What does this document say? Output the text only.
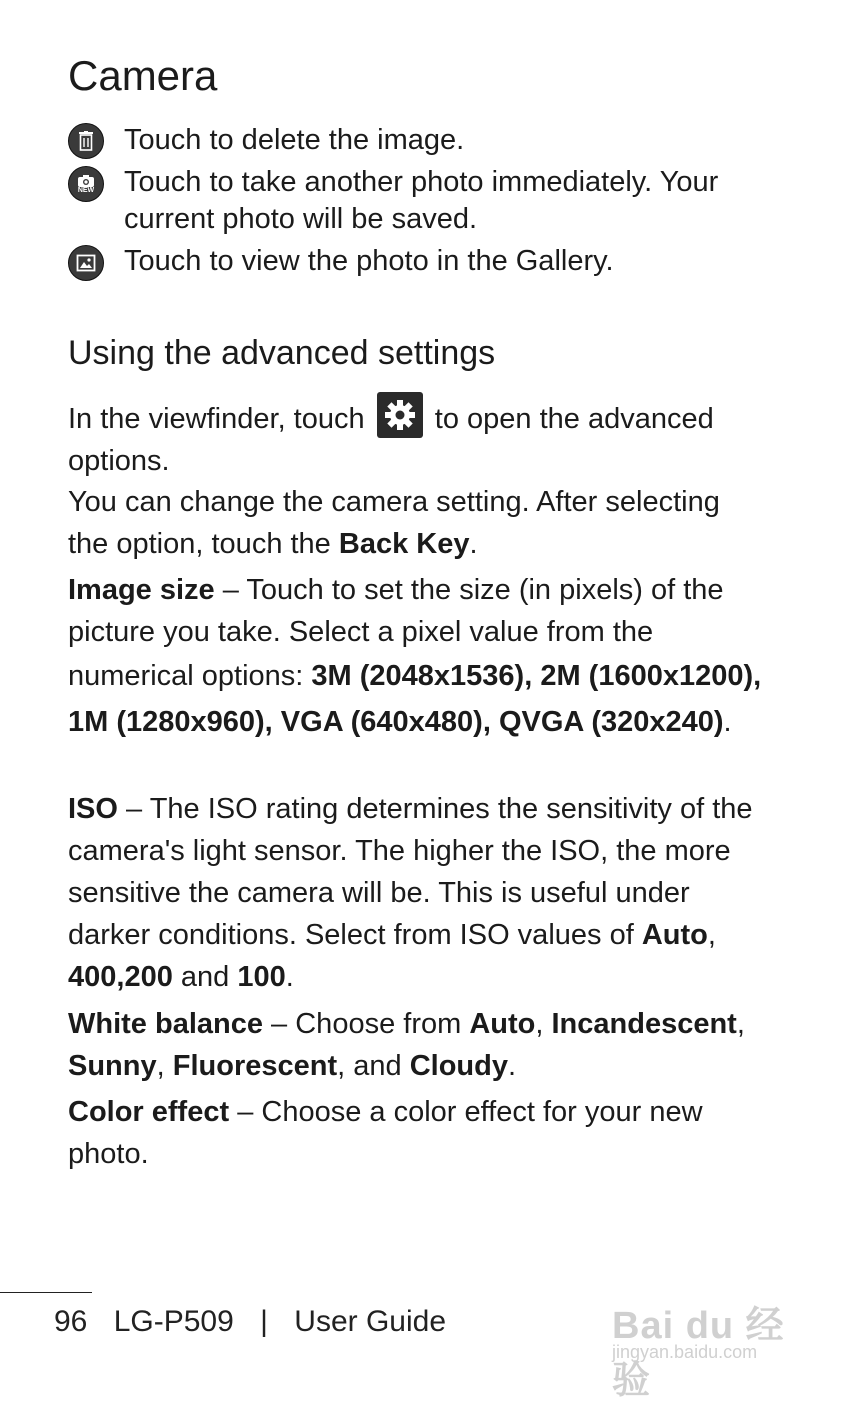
Camera
Touch to delete the image.
NEW Touch to take another photo immediately. Your current photo will be saved.
Touch to view the photo in the Gallery.
Using the advanced settings

In the viewfinder, touch to open the advanced options.

You can change the camera setting. After selecting the option, touch the Back Key.

Image size – Touch to set the size (in pixels) of the picture you take. Select a pixel value from the numerical options: 3M (2048x1536), 2M (1600x1200), 1M (1280x960), VGA (640x480), QVGA (320x240).

ISO – The ISO rating determines the sensitivity of the camera's light sensor. The higher the ISO, the more sensitive the camera will be. This is useful under darker conditions. Select from ISO values of Auto, 400,200 and 100.

White balance – Choose from Auto, Incandescent, Sunny, Fluorescent, and Cloudy.

Color effect – Choose a color effect for your new photo.

96 LG-P509 | User Guide	Bai du 经验
jingyan.baidu.com
